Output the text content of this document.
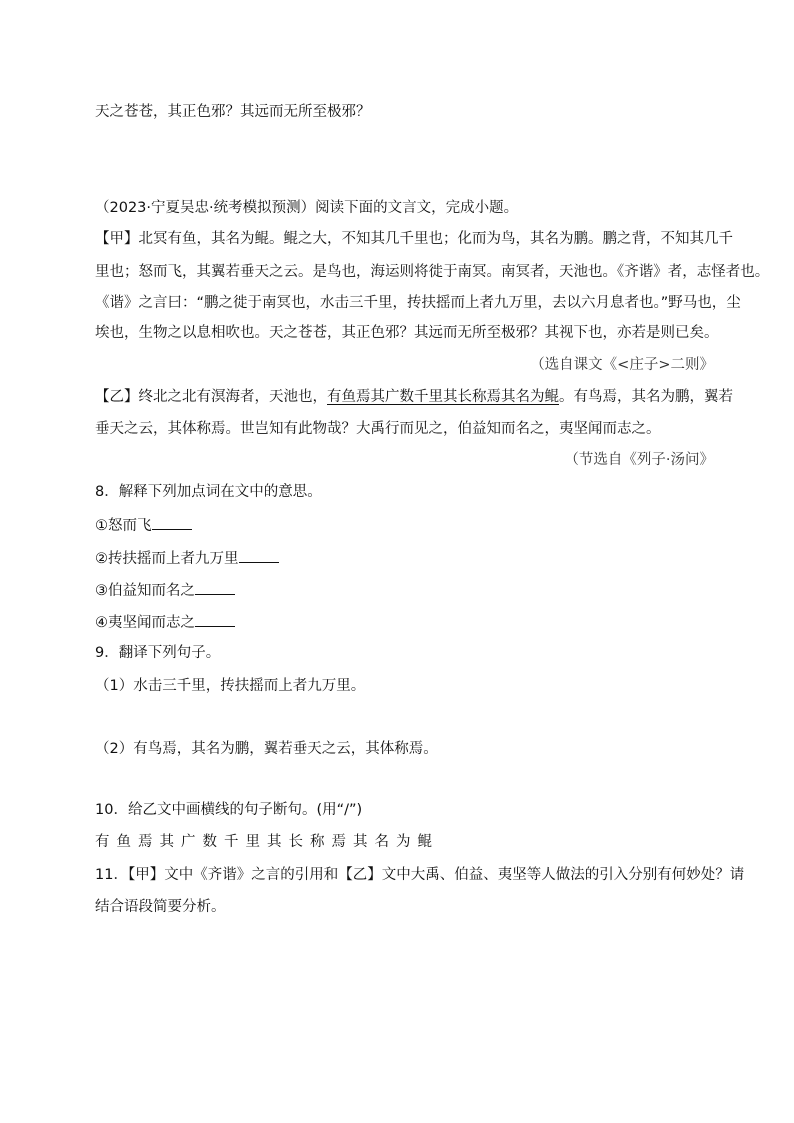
天之苍苍，其正色邪？其远而无所至极邪？
（2023·宁夏吴忠·统考模拟预测）阅读下面的文言文，完成小题。
【甲】北冥有鱼，其名为鲲。鲲之大，不知其几千里也；化而为鸟，其名为鹏。鹏之背，不知其几千
里也；怒而飞，其翼若垂天之云。是鸟也，海运则将徙于南冥。南冥者，天池也。《齐谐》者，志怪者也。
《谐》之言曰：“鹏之徙于南冥也，水击三千里，抟扶摇而上者九万里，去以六月息者也。”野马也，尘
埃也，生物之以息相吹也。天之苍苍，其正色邪？其远而无所至极邪？其视下也，亦若是则已矣。
（选自课文《<庄子>二则》
【乙】终北之北有溟海者，天池也，有鱼焉其广数千里其长称焉其名为鲲。有鸟焉，其名为鹏，翼若
垂天之云，其体称焉。世岂知有此物哉？大禹行而见之，伯益知而名之，夷坚闻而志之。
（节选自《列子·汤问》
8．解释下列加点词在文中的意思。
①怒而飞
②抟扶摇而上者九万里
③伯益知而名之
④夷坚闻而志之
9．翻译下列句子。
（1）水击三千里，抟扶摇而上者九万里。
（2）有鸟焉，其名为鹏，翼若垂天之云，其体称焉。
10．给乙文中画横线的句子断句。(用“/”)
有鱼焉其广数千里其长称焉其名为鲲
11．【甲】文中《齐谐》之言的引用和【乙】文中大禹、伯益、夷坚等人做法的引入分别有何妙处？请
结合语段简要分析。
